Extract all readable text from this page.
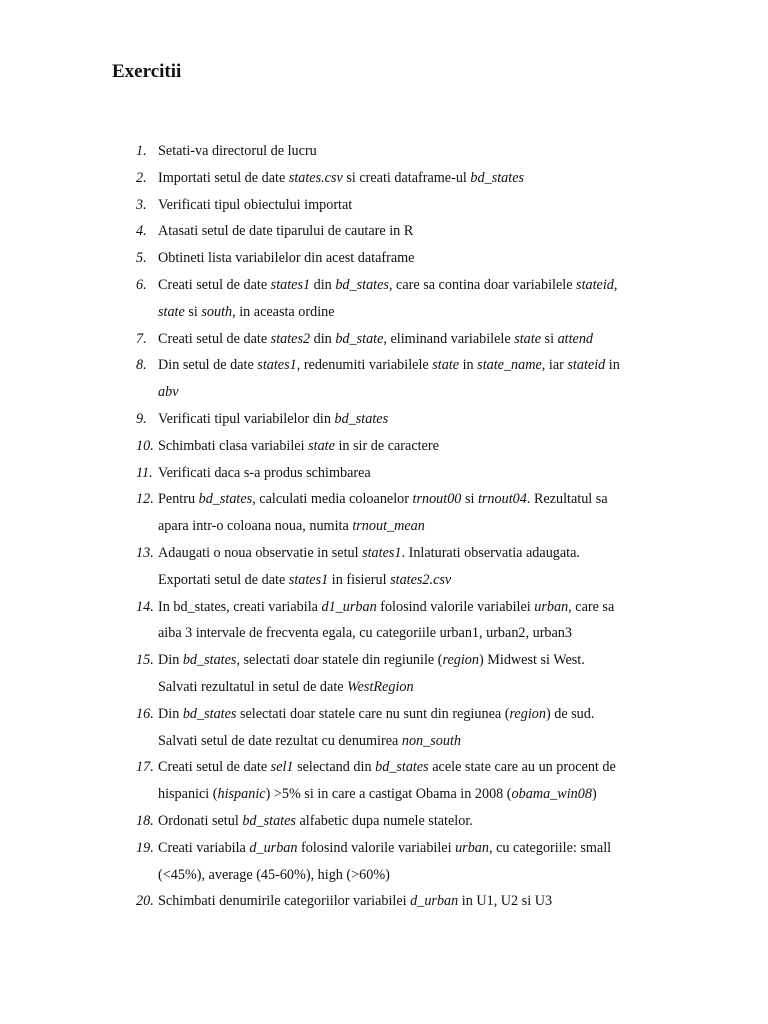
Exercitii
1. Setati-va directorul de lucru
2. Importati setul de date states.csv si creati dataframe-ul bd_states
3. Verificati tipul obiectului importat
4. Atasati setul de date tiparului de cautare in R
5. Obtineti lista variabilelor din acest dataframe
6. Creati setul de date states1 din bd_states, care sa contina doar variabilele stateid,
state si south, in aceasta ordine
7. Creati setul de date states2 din bd_state, eliminand variabilele state si attend
8. Din setul de date states1, redenumiti variabilele state in state_name, iar stateid in
abv
9. Verificati tipul variabilelor din bd_states
10. Schimbati clasa variabilei state in sir de caractere
11. Verificati daca s-a produs schimbarea
12. Pentru bd_states, calculati media coloanelor trnout00 si trnout04. Rezultatul sa
apara intr-o coloana noua, numita trnout_mean
13. Adaugati o noua observatie in setul states1. Inlaturati observatia adaugata.
Exportati setul de date states1 in fisierul states2.csv
14. In bd_states, creati variabila d1_urban folosind valorile variabilei urban, care sa
aiba 3 intervale de frecventa egala, cu categoriile urban1, urban2, urban3
15. Din bd_states, selectati doar statele din regiunile (region) Midwest si West.
Salvati rezultatul in setul de date WestRegion
16. Din bd_states selectati doar statele care nu sunt din regiunea (region) de sud.
Salvati setul de date rezultat cu denumirea non_south
17. Creati setul de date sel1 selectand din bd_states acele state care au un procent de
hispanici (hispanic) >5% si in care a castigat Obama in 2008 (obama_win08)
18. Ordonati setul bd_states alfabetic dupa numele statelor.
19. Creati variabila d_urban folosind valorile variabilei urban, cu categoriile: small
(<45%), average (45-60%), high (>60%)
20. Schimbati denumirile categoriilor variabilei d_urban in U1, U2 si U3
